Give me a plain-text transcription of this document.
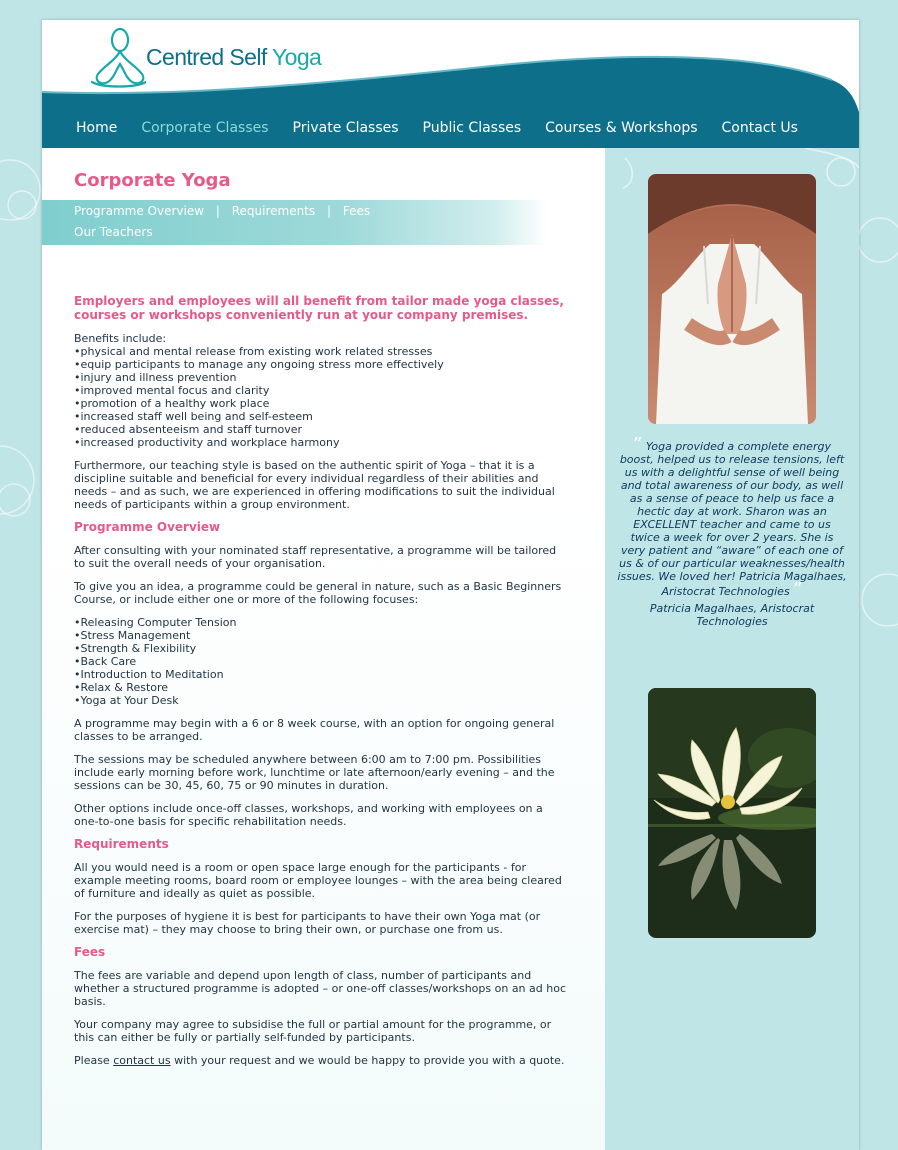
Centred Self Yoga
Home Corporate Classes Private Classes Public Classes Courses & Workshops Contact Us
Corporate Yoga
Programme Overview | Requirements | Fees
Our Teachers

Employers and employees will all benefit from tailor made yoga classes, courses or workshops conveniently run at your company premises.

Benefits include:
• physical and mental release from existing work related stresses
• equip participants to manage any ongoing stress more effectively
• injury and illness prevention
• improved mental focus and clarity
• promotion of a healthy work place
• increased staff well being and self-esteem
• reduced absenteeism and staff turnover
• increased productivity and workplace harmony

Furthermore, our teaching style is based on the authentic spirit of Yoga – that it is a discipline suitable and beneficial for every individual regardless of their abilities and needs – and as such, we are experienced in offering modifications to suit the individual needs of participants within a group environment.

Programme Overview

After consulting with your nominated staff representative, a programme will be tailored to suit the overall needs of your organisation.

To give you an idea, a programme could be general in nature, such as a Basic Beginners Course, or include either one or more of the following focuses:

• Releasing Computer Tension
• Stress Management
• Strength & Flexibility
• Back Care
• Introduction to Meditation
• Relax & Restore
• Yoga at Your Desk

A programme may begin with a 6 or 8 week course, with an option for ongoing general classes to be arranged.

The sessions may be scheduled anywhere between 6:00 am to 7:00 pm. Possibilities include early morning before work, lunchtime or late afternoon/early evening – and the sessions can be 30, 45, 60, 75 or 90 minutes in duration.

Other options include once-off classes, workshops, and working with employees on a one-to-one basis for specific rehabilitation needs.

Requirements

All you would need is a room or open space large enough for the participants - for example meeting rooms, board room or employee lounges – with the area being cleared of furniture and ideally as quiet as possible.

For the purposes of hygiene it is best for participants to have their own Yoga mat (or exercise mat) – they may choose to bring their own, or purchase one from us.

Fees

The fees are variable and depend upon length of class, number of participants and whether a structured programme is adopted – or one-off classes/workshops on an ad hoc basis.

Your company may agree to subsidise the full or partial amount for the programme, or this can either be fully or partially self-funded by participants.

Please contact us with your request and we would be happy to provide you with a quote.

” Yoga provided a complete energy boost, helped us to release tensions, left us with a delightful sense of well being and total awareness of our body, as well as a sense of peace to help us face a hectic day at work. Sharon was an EXCELLENT teacher and came to us twice a week for over 2 years. She is very patient and “aware” of each one of us & of our particular weaknesses/health issues. We loved her! Patricia Magalhaes, Aristocrat Technologies ”
Patricia Magalhaes, Aristocrat Technologies
